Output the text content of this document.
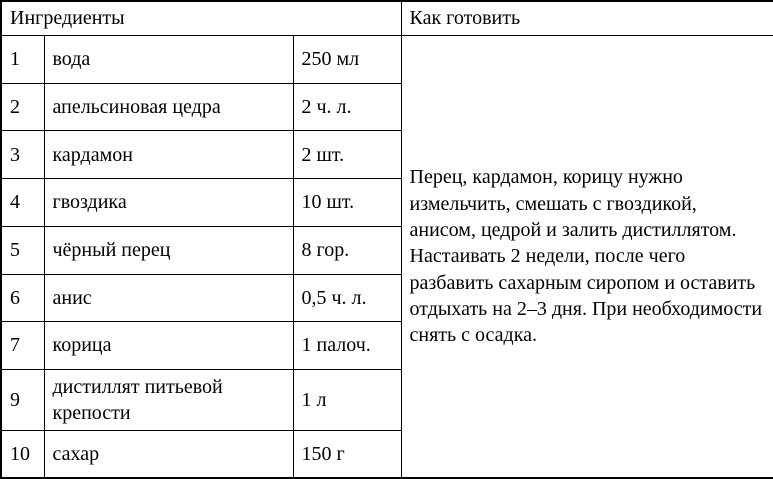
Ингредиенты			Как готовить
1	вода	250 мл	Перец, кардамон, корицу нужно измельчить, смешать с гвоздикой, анисом, цедрой и залить дистиллятом. Настаивать 2 недели, после чего разбавить сахарным сиропом и оставить отдыхать на 2–3 дня. При необходимости снять с осадка.
2	апельсиновая цедра	2 ч. л.	
3	кардамон	2 шт.	
4	гвоздика	10 шт.	
5	чёрный перец	8 гор.	
6	анис	0,5 ч. л.	
7	корица	1 палоч.	
9	дистиллят питьевой крепости	1 л	
10	сахар	150 г	
